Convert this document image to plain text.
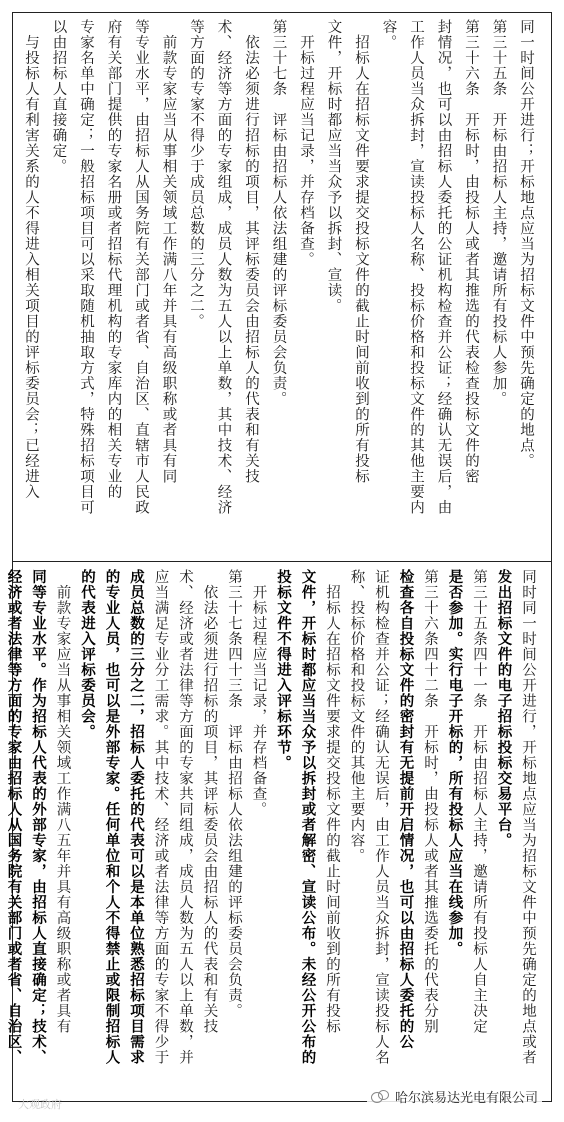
同一时间公开进行；开标地点应当为招标文件中预先确定的地点。
第三十五条　开标由招标人主持，邀请所有投标人参加。
第三十六条　开标时，由投标人或者其推选的代表检查投标文件的密
封情况，也可以由招标人委托的公证机构检查并公证；经确认无误后，由
工作人员当众拆封，宣读投标人名称、投标价格和投标文件的其他主要内
容。
　招标人在招标文件要求提交投标文件的截止时间前收到的所有投标
文件，开标时都应当当众予以拆封、宣读。
　开标过程应当记录，并存档备查。
第三十七条　评标由招标人依法组建的评标委员会负责。
　依法必须进行招标的项目，其评标委员会由招标人的代表和有关技
术、经济等方面的专家组成，成员人数为五人以上单数，其中技术、经济
等方面的专家不得少于成员总数的三分之二。
　前款专家应当从事相关领域工作满八年并具有高级职称或者具有同
等专业水平，由招标人从国务院有关部门或者省、自治区、直辖市人民政
府有关部门提供的专家名册或者招标代理机构的专家库内的相关专业的
专家名单中确定；一般招标项目可以采取随机抽取方式，特殊招标项目可
以由招标人直接确定。
　与投标人有利害关系的人不得进入相关项目的评标委员会；已经进入
同时同一时间公开进行，开标地点应当为招标文件中预先确定的地点或者
发出招标文件的电子招标投标交易平台。
第三十五条四十一条　开标由招标人主持，邀请所有投标人自主决定
是否参加。实行电子开标的，所有投标人应当在线参加。
第三十六条四十二条　开标时，由投标人或者其推选委托的代表分别
检查各自投标文件的密封有无提前开启情况，也可以由招标人委托的公
证机构检查并公证；经确认无误后，由工作人员当众拆封，宣读投标人名
称、投标价格和投标文件的其他主要内容。
　招标人在招标文件要求提交投标文件的截止时间前收到的所有投标
文件，开标时都应当当众予以拆封或者解密、宣读公布。未经公开公布的
投标文件不得进入评标环节。
　开标过程应当记录，并存档备查。
第三十七条四十三条　评标由招标人依法组建的评标委员会负责。
　依法必须进行招标的项目，其评标委员会由招标人的代表和有关技
术、经济或者法律等方面的专家共同组成，成员人数为五人以上单数，并
应当满足专业分工需求。其中技术、经济或者法律等方面的专家不得少于
成员总数的三分之二，招标人委托的代表可以是本单位熟悉招标项目需求
的专业人员，也可以是外部专家。任何单位和个人不得禁止或限制招标人
的代表进入评标委员会。
　前款专家应当从事相关领域工作满八五年并具有高级职称或者具有
同等专业水平。作为招标人代表的外部专家，由招标人直接确定；技术、
经济或者法律等方面的专家由招标人从国务院有关部门或者省、自治区、
大观政府	哈尔滨易达光电有限公司
